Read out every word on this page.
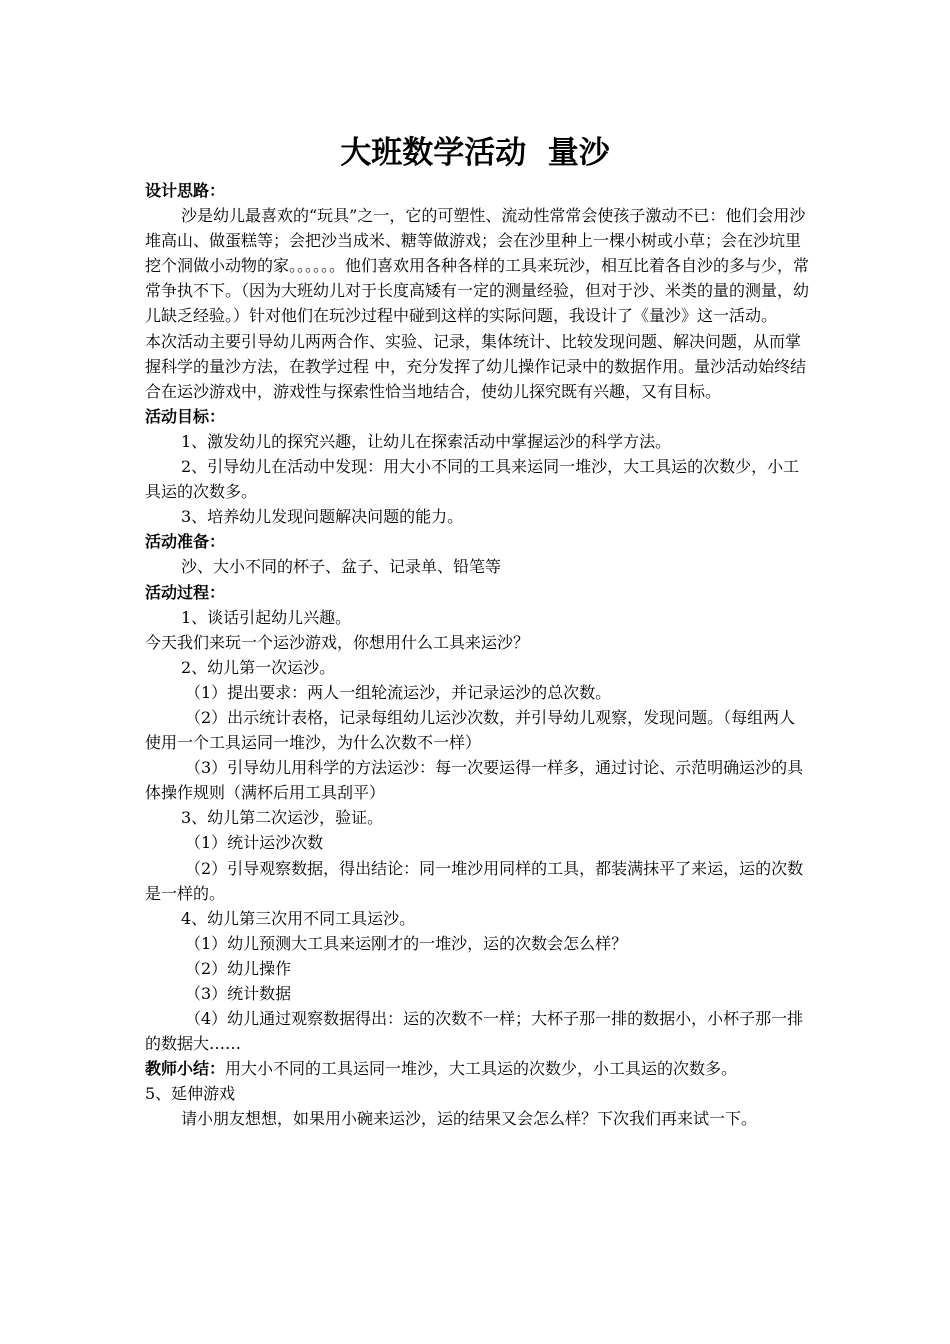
大班数学活动  量沙

设计思路：

沙是幼儿最喜欢的“玩具”之一，它的可塑性、流动性常常会使孩子激动不已：他们会用沙堆高山、做蛋糕等；会把沙当成米、糖等做游戏；会在沙里种上一棵小树或小草；会在沙坑里挖个洞做小动物的家。。。。。。他们喜欢用各种各样的工具来玩沙，相互比着各自沙的多与少，常常争执不下。（因为大班幼儿对于长度高矮有一定的测量经验，但对于沙、米类的量的测量，幼儿缺乏经验。）针对他们在玩沙过程中碰到这样的实际问题，我设计了《量沙》这一活动。

本次活动主要引导幼儿两两合作、实验、记录，集体统计、比较发现问题、解决问题，从而掌握科学的量沙方法，在教学过程 中，充分发挥了幼儿操作记录中的数据作用。量沙活动始终结合在运沙游戏中，游戏性与探索性恰当地结合，使幼儿探究既有兴趣，又有目标。

活动目标：

1、激发幼儿的探究兴趣，让幼儿在探索活动中掌握运沙的科学方法。

2、引导幼儿在活动中发现：用大小不同的工具来运同一堆沙，大工具运的次数少，小工具运的次数多。

3、培养幼儿发现问题解决问题的能力。

活动准备：

沙、大小不同的杯子、盆子、记录单、铅笔等

活动过程：

1、谈话引起幼儿兴趣。

今天我们来玩一个运沙游戏，你想用什么工具来运沙？

2、幼儿第一次运沙。

（1）提出要求：两人一组轮流运沙，并记录运沙的总次数。

（2）出示统计表格，记录每组幼儿运沙次数，并引导幼儿观察，发现问题。（每组两人使用一个工具运同一堆沙，为什么次数不一样）

（3）引导幼儿用科学的方法运沙：每一次要运得一样多，通过讨论、示范明确运沙的具体操作规则（满杯后用工具刮平）

3、幼儿第二次运沙，验证。

（1）统计运沙次数

（2）引导观察数据，得出结论：同一堆沙用同样的工具，都装满抹平了来运，运的次数是一样的。

4、幼儿第三次用不同工具运沙。

（1）幼儿预测大工具来运刚才的一堆沙，运的次数会怎么样？

（2）幼儿操作

（3）统计数据

（4）幼儿通过观察数据得出：运的次数不一样；大杯子那一排的数据小，小杯子那一排的数据大……

教师小结：用大小不同的工具运同一堆沙，大工具运的次数少，小工具运的次数多。

5、延伸游戏

请小朋友想想，如果用小碗来运沙，运的结果又会怎么样？下次我们再来试一下。
